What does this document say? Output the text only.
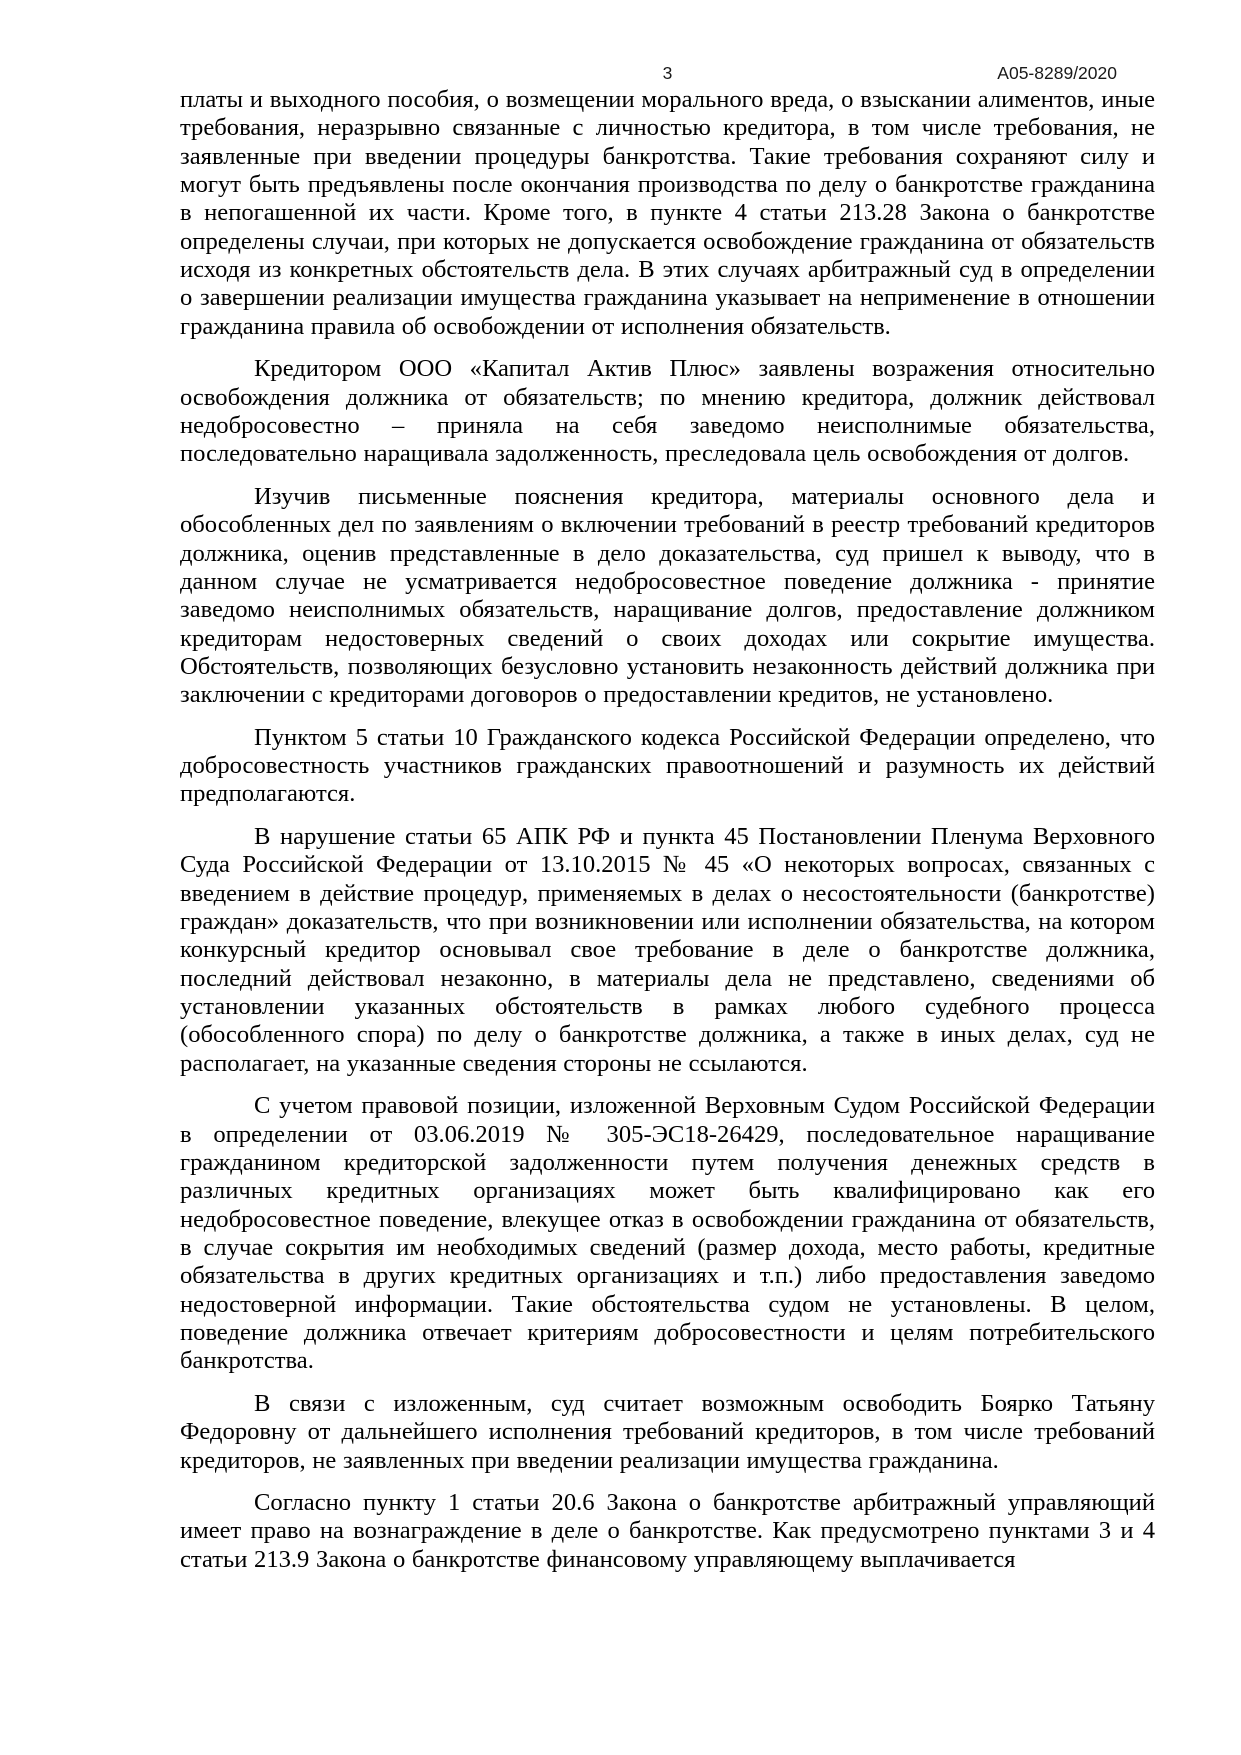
3	А05-8289/2020

платы и выходного пособия, о возмещении морального вреда, о взыскании алиментов, иные требования, неразрывно связанные с личностью кредитора, в том числе требования, не заявленные при введении процедуры банкротства. Такие требования сохраняют силу и могут быть предъявлены после окончания производства по делу о банкротстве гражданина в непогашенной их части. Кроме того, в пункте 4 статьи 213.28 Закона о банкротстве определены случаи, при которых не допускается освобождение гражданина от обязательств исходя из конкретных обстоятельств дела. В этих случаях арбитражный суд в определении о завершении реализации имущества гражданина указывает на неприменение в отношении гражданина правила об освобождении от исполнения обязательств.

Кредитором ООО «Капитал Актив Плюс» заявлены возражения относительно освобождения должника от обязательств; по мнению кредитора, должник действовал недобросовестно – приняла на себя заведомо неисполнимые обязательства, последовательно наращивала задолженность, преследовала цель освобождения от долгов.

Изучив письменные пояснения кредитора, материалы основного дела и обособленных дел по заявлениям о включении требований в реестр требований кредиторов должника, оценив представленные в дело доказательства, суд пришел к выводу, что в данном случае не усматривается недобросовестное поведение должника - принятие заведомо неисполнимых обязательств, наращивание долгов, предоставление должником кредиторам недостоверных сведений о своих доходах или сокрытие имущества. Обстоятельств, позволяющих безусловно установить незаконность действий должника при заключении с кредиторами договоров о предоставлении кредитов, не установлено.

Пунктом 5 статьи 10 Гражданского кодекса Российской Федерации определено, что добросовестность участников гражданских правоотношений и разумность их действий предполагаются.

В нарушение статьи 65 АПК РФ и пункта 45 Постановлении Пленума Верховного Суда Российской Федерации от 13.10.2015 № 45 «О некоторых вопросах, связанных с введением в действие процедур, применяемых в делах о несостоятельности (банкротстве) граждан» доказательств, что при возникновении или исполнении обязательства, на котором конкурсный кредитор основывал свое требование в деле о банкротстве должника, последний действовал незаконно, в материалы дела не представлено, сведениями об установлении указанных обстоятельств в рамках любого судебного процесса (обособленного спора) по делу о банкротстве должника, а также в иных делах, суд не располагает, на указанные сведения стороны не ссылаются.

С учетом правовой позиции, изложенной Верховным Судом Российской Федерации в определении от 03.06.2019 № 305-ЭС18-26429, последовательное наращивание гражданином кредиторской задолженности путем получения денежных средств в различных кредитных организациях может быть квалифицировано как его недобросовестное поведение, влекущее отказ в освобождении гражданина от обязательств, в случае сокрытия им необходимых сведений (размер дохода, место работы, кредитные обязательства в других кредитных организациях и т.п.) либо предоставления заведомо недостоверной информации. Такие обстоятельства судом не установлены. В целом, поведение должника отвечает критериям добросовестности и целям потребительского банкротства.

В связи с изложенным, суд считает возможным освободить Боярко Татьяну Федоровну от дальнейшего исполнения требований кредиторов, в том числе требований кредиторов, не заявленных при введении реализации имущества гражданина.

Согласно пункту 1 статьи 20.6 Закона о банкротстве арбитражный управляющий имеет право на вознаграждение в деле о банкротстве. Как предусмотрено пунктами 3 и 4 статьи 213.9 Закона о банкротстве финансовому управляющему выплачивается
